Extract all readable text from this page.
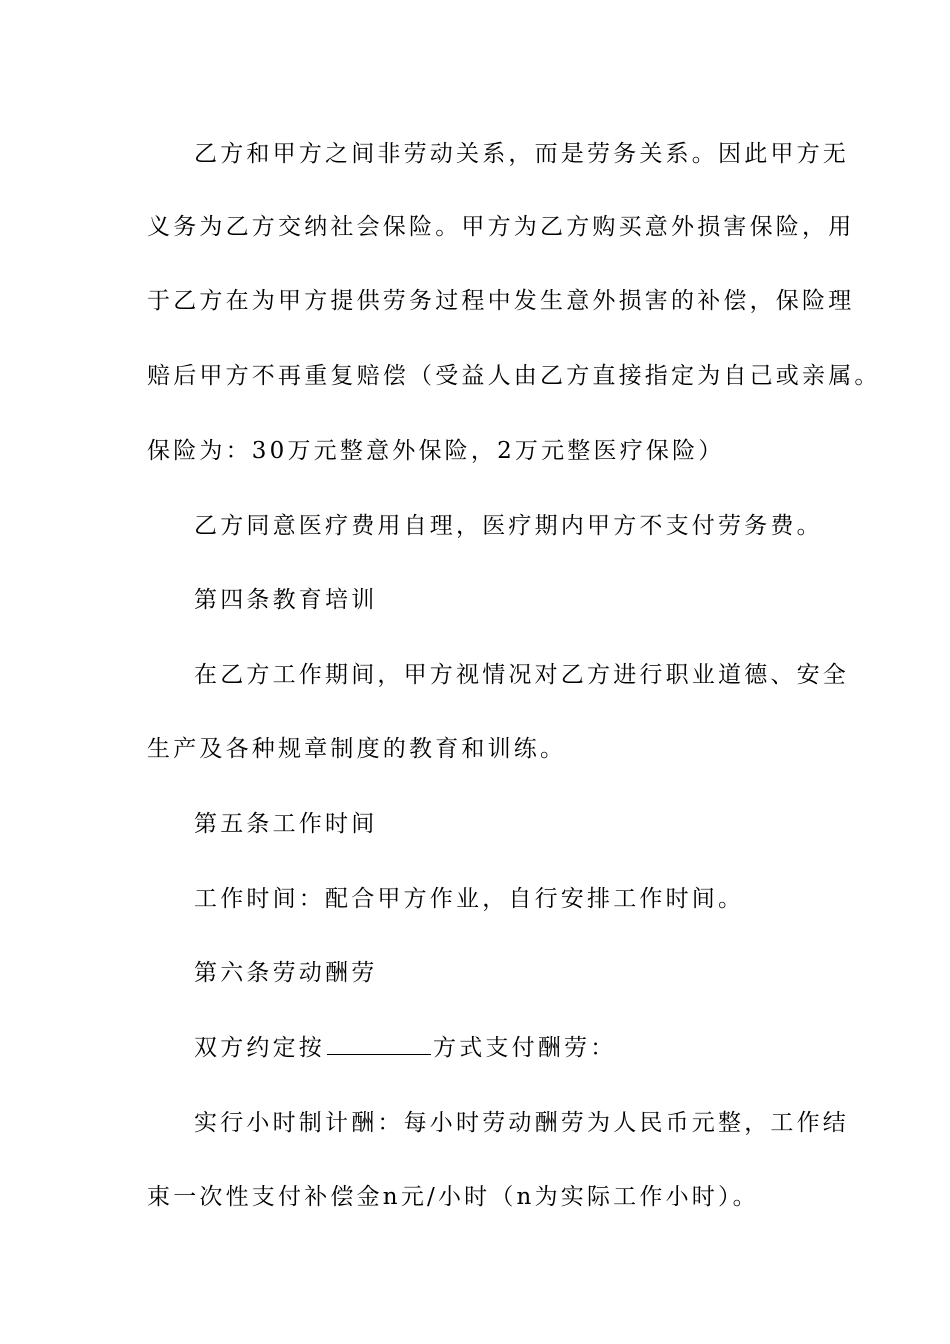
乙方和甲方之间非劳动关系，而是劳务关系。因此甲方无
义务为乙方交纳社会保险。甲方为乙方购买意外损害保险，用
于乙方在为甲方提供劳务过程中发生意外损害的补偿，保险理
赔后甲方不再重复赔偿（受益人由乙方直接指定为自己或亲属。
保险为：30万元整意外保险，2万元整医疗保险）
乙方同意医疗费用自理，医疗期内甲方不支付劳务费。
第四条教育培训
在乙方工作期间，甲方视情况对乙方进行职业道德、安全
生产及各种规章制度的教育和训练。
第五条工作时间
工作时间：配合甲方作业，自行安排工作时间。
第六条劳动酬劳
双方约定按	方式支付酬劳：
实行小时制计酬：每小时劳动酬劳为人民币元整，工作结
束一次性支付补偿金n元/小时（n为实际工作小时）。
